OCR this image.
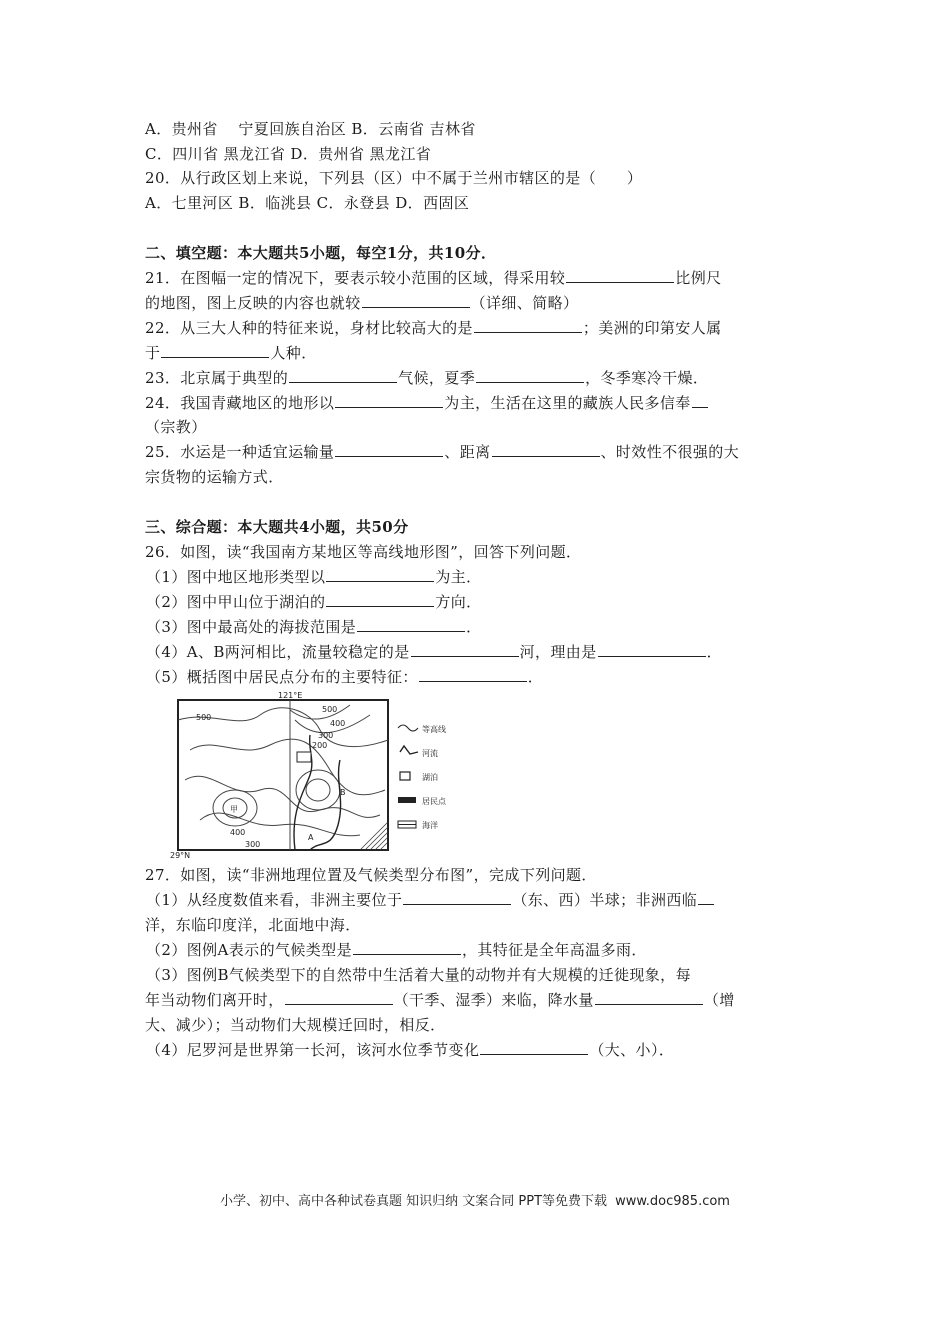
A．贵州省　 宁夏回族自治区 B．云南省 吉林省
C．四川省 黑龙江省 D．贵州省 黑龙江省
20．从行政区划上来说，下列县（区）中不属于兰州市辖区的是（　　）
A．七里河区 B．临洮县 C．永登县 D．西固区
二、填空题：本大题共5小题，每空1分，共10分．
21．在图幅一定的情况下，要表示较小范围的区域，得采用较	比例尺
的地图，图上反映的内容也就较	（详细、简略）
22．从三大人种的特征来说，身材比较高大的是	；美洲的印第安人属
于	人种．
23．北京属于典型的	气候，夏季	，冬季寒冷干燥．
24．我国青藏地区的地形以	为主，生活在这里的藏族人民多信奉
（宗教）
25．水运是一种适宜运输量	、距离	、时效性不很强的大
宗货物的运输方式．
三、综合题：本大题共4小题，共50分
26．如图，读“我国南方某地区等高线地形图”，回答下列问题．
（1）图中地区地形类型以	为主．
（2）图中甲山位于湖泊的	方向．
（3）图中最高处的海拔范围是	．
（4）A、B两河相比，流量较稳定的是	河，理由是	．
（5）概括图中居民点分布的主要特征：	．
121°E
29°N
500
500
400
300
200
400
300
甲
B
A
等高线
河流
湖泊
居民点
海洋
27．如图，读“非洲地理位置及气候类型分布图”，完成下列问题．
（1）从经度数值来看，非洲主要位于	（东、西）半球；非洲西临
洋，东临印度洋，北面地中海．
（2）图例A表示的气候类型是	，其特征是全年高温多雨．
（3）图例B气候类型下的自然带中生活着大量的动物并有大规模的迁徙现象，每
年当动物们离开时，	（干季、湿季）来临，降水量	（增
大、减少）；当动物们大规模迁回时，相反．
（4）尼罗河是世界第一长河，该河水位季节变化	（大、小）．
小学、初中、高中各种试卷真题 知识归纳 文案合同 PPT等免费下载 www.doc985.com
